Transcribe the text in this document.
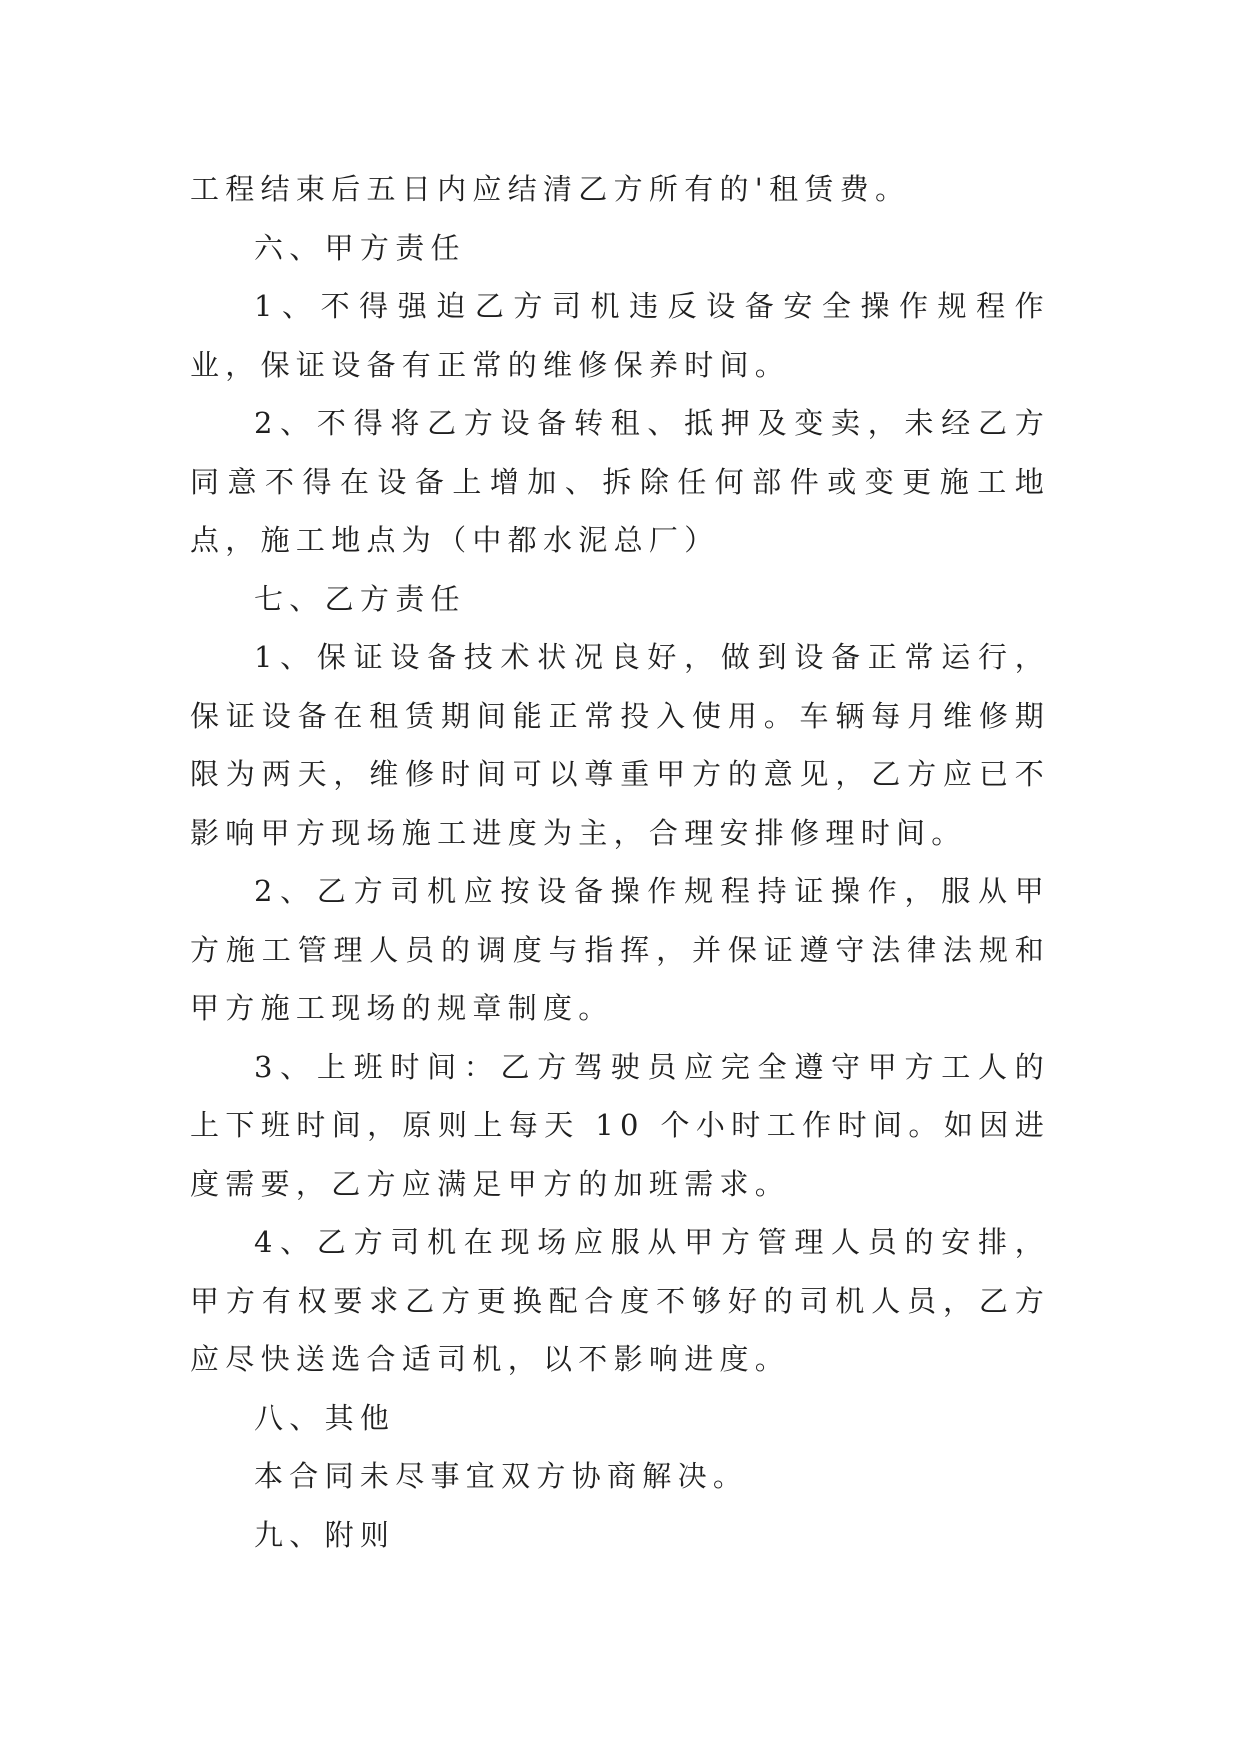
工程结束后五日内应结清乙方所有的'租赁费。

六、甲方责任

1、不得强迫乙方司机违反设备安全操作规程作业，保证设备有正常的维修保养时间。

2、不得将乙方设备转租、抵押及变卖，未经乙方同意不得在设备上增加、拆除任何部件或变更施工地点，施工地点为（中都水泥总厂）

七、乙方责任

1、保证设备技术状况良好，做到设备正常运行，保证设备在租赁期间能正常投入使用。车辆每月维修期限为两天，维修时间可以尊重甲方的意见，乙方应已不影响甲方现场施工进度为主，合理安排修理时间。

2、乙方司机应按设备操作规程持证操作，服从甲方施工管理人员的调度与指挥，并保证遵守法律法规和甲方施工现场的规章制度。

3、上班时间：乙方驾驶员应完全遵守甲方工人的上下班时间，原则上每天 10 个小时工作时间。如因进度需要，乙方应满足甲方的加班需求。

4、乙方司机在现场应服从甲方管理人员的安排，甲方有权要求乙方更换配合度不够好的司机人员，乙方应尽快送选合适司机，以不影响进度。

八、其他

本合同未尽事宜双方协商解决。

九、附则
